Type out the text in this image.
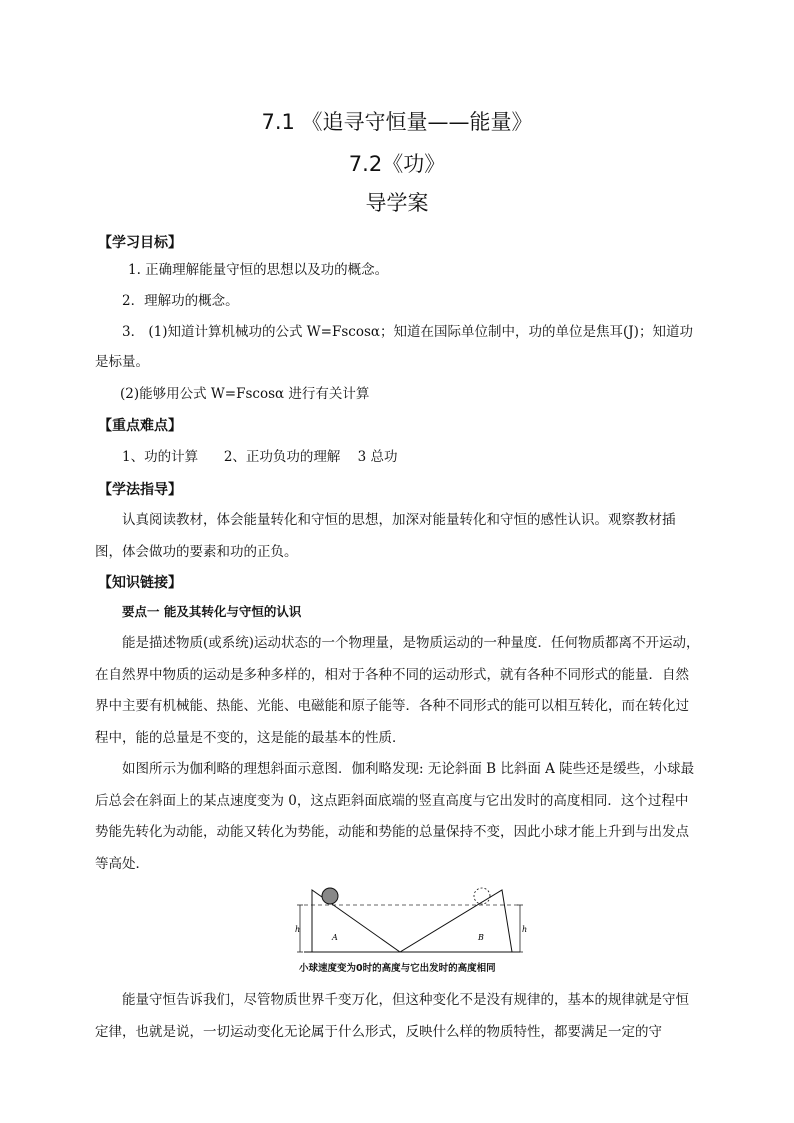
7.1 《追寻守恒量——能量》
7.2《功》
导学案
【学习目标】
1. 正确理解能量守恒的思想以及功的概念。
2．理解功的概念。
3． (1)知道计算机械功的公式 W=Fscosα；知道在国际单位制中，功的单位是焦耳(J)；知道功
是标量。
(2)能够用公式 W=Fscosα 进行有关计算
【重点难点】
1、功的计算      2、正功负功的理解    3 总功
【学法指导】
认真阅读教材，体会能量转化和守恒的思想，加深对能量转化和守恒的感性认识。观察教材插图，体会做功的要素和功的正负。
【知识链接】
要点一 能及其转化与守恒的认识
能是描述物质(或系统)运动状态的一个物理量，是物质运动的一种量度．任何物质都离不开运动，在自然界中物质的运动是多种多样的，相对于各种不同的运动形式，就有各种不同形式的能量．自然界中主要有机械能、热能、光能、电磁能和原子能等．各种不同形式的能可以相互转化，而在转化过程中，能的总量是不变的，这是能的最基本的性质．
如图所示为伽利略的理想斜面示意图．伽利略发现: 无论斜面 B 比斜面 A 陡些还是缓些，小球最后总会在斜面上的某点速度变为 0，这点距斜面底端的竖直高度与它出发时的高度相同．这个过程中势能先转化为动能，动能又转化为势能，动能和势能的总量保持不变，因此小球才能上升到与出发点等高处．
h	h
A	B
小球速度变为0时的高度与它出发时的高度相同
能量守恒告诉我们，尽管物质世界千变万化，但这种变化不是没有规律的，基本的规律就是守恒定律，也就是说，一切运动变化无论属于什么形式，反映什么样的物质特性，都要满足一定的守
